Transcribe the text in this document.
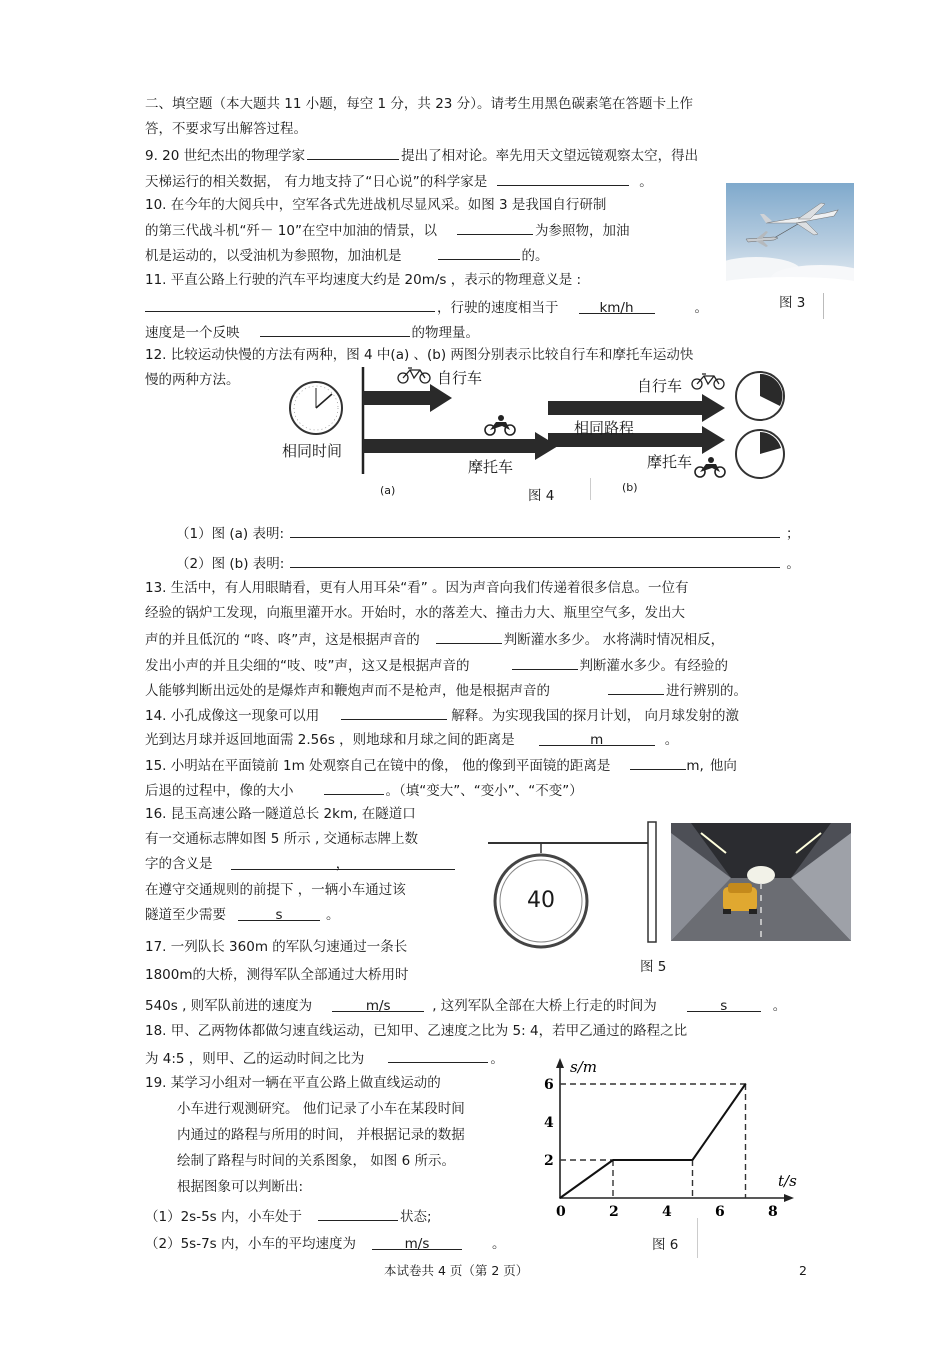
二、填空题（本大题共 11 小题，每空 1 分，共 23 分）。请考生用黑色碳素笔在答题卡上作
答，不要求写出解答过程。
9. 20 世纪杰出的物理学家	提出了相对论。率先用天文望远镜观察太空，得出
天梯运行的相关数据， 有力地支持了“日心说”的科学家是	。
10. 在今年的大阅兵中，空军各式先进战机尽显风采。如图 3 是我国自行研制
的第三代战斗机“歼－ 10”在空中加油的情景，以	为参照物，加油
机是运动的，以受油机为参照物，加油机是	的。
图 3
11. 平直公路上行驶的汽车平均速度大约是 20m/s ，表示的物理意义是 :
，行驶的速度相当于	km/h	。
速度是一个反映	的物理量。
12. 比较运动快慢的方法有两种，图 4 中(a) 、(b) 两图分别表示比较自行车和摩托车运动快
慢的两种方法。
相同时间
自行车
摩托车
自行车
相同路程
摩托车
(a)	图 4
(b)
（1）图 (a) 表明:	；
（2）图 (b) 表明:	。
13. 生活中，有人用眼睛看，更有人用耳朵“看” 。因为声音向我们传递着很多信息。一位有
经验的锅炉工发现，向瓶里灌开水。开始时，水的落差大、撞击力大、瓶里空气多，发出大
声的并且低沉的 “咚、咚”声，这是根据声音的	判断灌水多少。 水将满时情况相反，
发出小声的并且尖细的“吱、吱”声，这又是根据声音的	判断灌水多少。有经验的
人能够判断出远处的是爆炸声和鞭炮声而不是枪声，他是根据声音的	进行辨别的。
14. 小孔成像这一现象可以用	解释。为实现我国的探月计划， 向月球发射的激
光到达月球并返回地面需 2.56s ，则地球和月球之间的距离是	m	。
15. 小明站在平面镜前 1m 处观察自己在镜中的像， 他的像到平面镜的距离是	m, 他向
后退的过程中，像的大小	。（填“变大”、“变小”、“不变”）
16. 昆玉高速公路一隧道总长 2km, 在隧道口
有一交通标志牌如图 5 所示 , 交通标志牌上数
字的含义是	，
在遵守交通规则的前提下 ，一辆小车通过该
隧道至少需要	s	。
40
图 5
17. 一列队长 360m 的军队匀速通过一条长
1800m的大桥，测得军队全部通过大桥用时
540s , 则军队前进的速度为	m/s	, 这列军队全部在大桥上行走的时间为	s	。
18. 甲、乙两物体都做匀速直线运动，已知甲、乙速度之比为 5: 4，若甲乙通过的路程之比
为 4:5 ，则甲、乙的运动时间之比为	。
19. 某学习小组对一辆在平直公路上做直线运动的
小车进行观测研究。 他们记录了小车在某段时间
内通过的路程与所用的时间， 并根据记录的数据
绘制了路程与时间的关系图象， 如图 6 所示。
根据图象可以判断出:
（1）2s-5s 内，小车处于	状态;
（2）5s-7s 内，小车的平均速度为	m/s	。
s/m
t/s
0	2	4	6	8
2
4
6
图 6
本试卷共 4 页（第 2 页）	2
